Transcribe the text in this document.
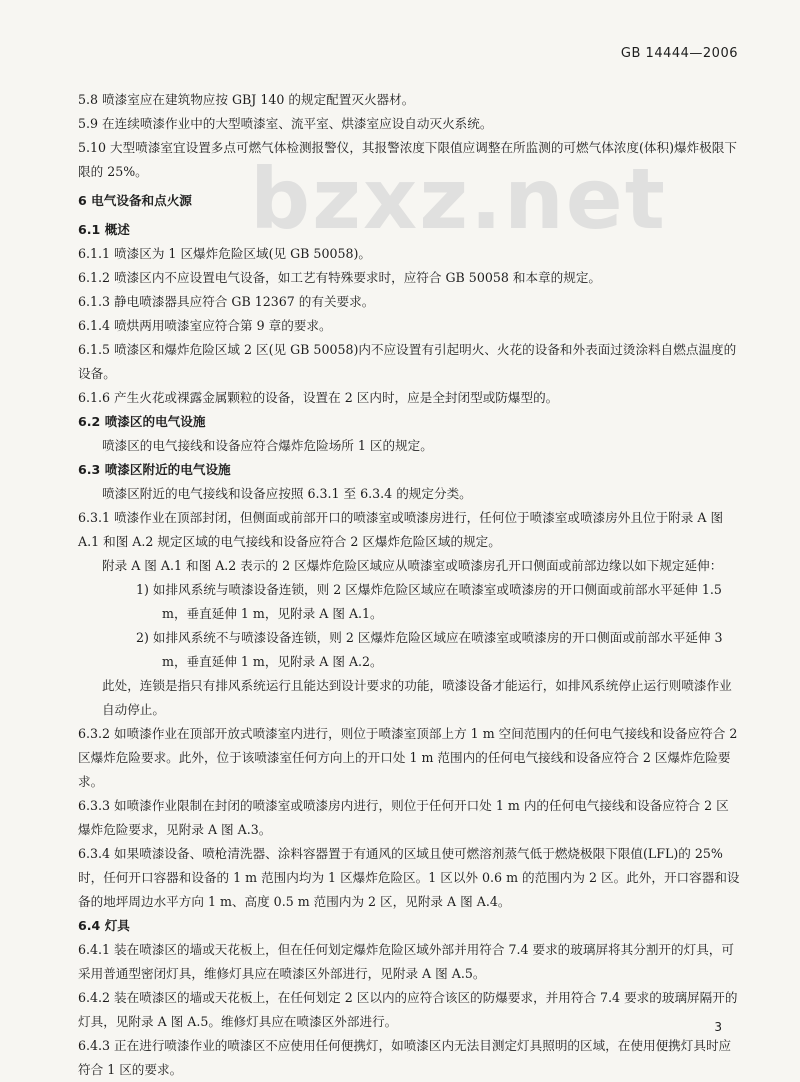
GB 14444—2006
bzxz.net

5.8 喷漆室应在建筑物应按 GBJ 140 的规定配置灭火器材。

5.9 在连续喷漆作业中的大型喷漆室、流平室、烘漆室应设自动灭火系统。

5.10 大型喷漆室宜设置多点可燃气体检测报警仪，其报警浓度下限值应调整在所监测的可燃气体浓度(体积)爆炸极限下限的 25%。

6 电气设备和点火源

6.1 概述

6.1.1 喷漆区为 1 区爆炸危险区域(见 GB 50058)。

6.1.2 喷漆区内不应设置电气设备，如工艺有特殊要求时，应符合 GB 50058 和本章的规定。

6.1.3 静电喷漆器具应符合 GB 12367 的有关要求。

6.1.4 喷烘两用喷漆室应符合第 9 章的要求。

6.1.5 喷漆区和爆炸危险区域 2 区(见 GB 50058)内不应设置有引起明火、火花的设备和外表面过烫涂料自燃点温度的设备。

6.1.6 产生火花或裸露金属颗粒的设备，设置在 2 区内时，应是全封闭型或防爆型的。

6.2 喷漆区的电气设施

喷漆区的电气接线和设备应符合爆炸危险场所 1 区的规定。

6.3 喷漆区附近的电气设施

喷漆区附近的电气接线和设备应按照 6.3.1 至 6.3.4 的规定分类。

6.3.1 喷漆作业在顶部封闭，但侧面或前部开口的喷漆室或喷漆房进行，任何位于喷漆室或喷漆房外且位于附录 A 图 A.1 和图 A.2 规定区域的电气接线和设备应符合 2 区爆炸危险区域的规定。

附录 A 图 A.1 和图 A.2 表示的 2 区爆炸危险区域应从喷漆室或喷漆房孔开口侧面或前部边缘以如下规定延伸：

1) 如排风系统与喷漆设备连锁，则 2 区爆炸危险区域应在喷漆室或喷漆房的开口侧面或前部水平延伸 1.5 m，垂直延伸 1 m，见附录 A 图 A.1。

2) 如排风系统不与喷漆设备连锁，则 2 区爆炸危险区域应在喷漆室或喷漆房的开口侧面或前部水平延伸 3 m，垂直延伸 1 m，见附录 A 图 A.2。

此处，连锁是指只有排风系统运行且能达到设计要求的功能，喷漆设备才能运行，如排风系统停止运行则喷漆作业自动停止。

6.3.2 如喷漆作业在顶部开放式喷漆室内进行，则位于喷漆室顶部上方 1 m 空间范围内的任何电气接线和设备应符合 2 区爆炸危险要求。此外，位于该喷漆室任何方向上的开口处 1 m 范围内的任何电气接线和设备应符合 2 区爆炸危险要求。

6.3.3 如喷漆作业限制在封闭的喷漆室或喷漆房内进行，则位于任何开口处 1 m 内的任何电气接线和设备应符合 2 区爆炸危险要求，见附录 A 图 A.3。

6.3.4 如果喷漆设备、喷枪清洗器、涂料容器置于有通风的区域且使可燃溶剂蒸气低于燃烧极限下限值(LFL)的 25%时，任何开口容器和设备的 1 m 范围内均为 1 区爆炸危险区。1 区以外 0.6 m 的范围内为 2 区。此外，开口容器和设备的地坪周边水平方向 1 m、高度 0.5 m 范围内为 2 区，见附录 A 图 A.4。

6.4 灯具

6.4.1 装在喷漆区的墙或天花板上，但在任何划定爆炸危险区域外部并用符合 7.4 要求的玻璃屏将其分割开的灯具，可采用普通型密闭灯具，维修灯具应在喷漆区外部进行，见附录 A 图 A.5。

6.4.2 装在喷漆区的墙或天花板上，在任何划定 2 区以内的应符合该区的防爆要求，并用符合 7.4 要求的玻璃屏隔开的灯具，见附录 A 图 A.5。维修灯具应在喷漆区外部进行。

6.4.3 正在进行喷漆作业的喷漆区不应使用任何便携灯，如喷漆区内无法目测定灯具照明的区域，在使用便携灯具时应符合 1 区的要求。

3
